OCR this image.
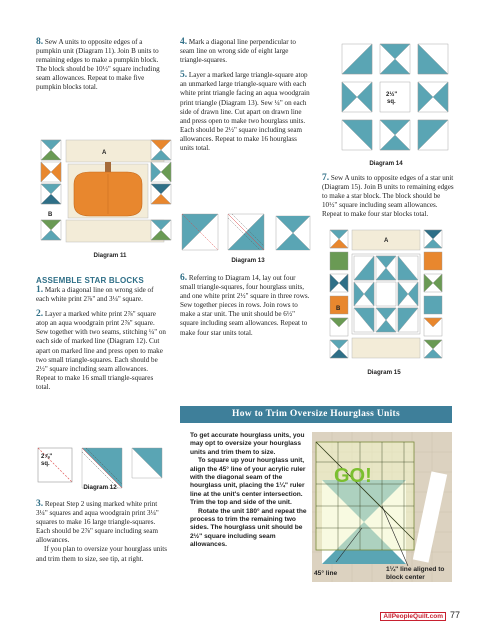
8. Sew A units to opposite edges of a pumpkin unit (Diagram 11). Join B units to remaining edges to make a pumpkin block. The block should be 10½" square including seam allowances. Repeat to make five pumpkin blocks total.

A
B
Diagram 11
ASSEMBLE STAR BLOCKS

1. Mark a diagonal line on wrong side of each white print 2⅞" and 3¼" square.

2. Layer a marked white print 2⅞" square atop an aqua woodgrain print 2⅞" square. Sew together with two seams, stitching ¼" on each side of marked line (Diagram 12). Cut apart on marked line and press open to make two small triangle-squares. Each should be 2½" square including seam allowances. Repeat to make 16 small triangle-squares total.

2⅞"
sq.
Diagram 12

3. Repeat Step 2 using marked white print 3¼" squares and aqua woodgrain print 3¼" squares to make 16 large triangle-squares. Each should be 2⅞" square including seam allowances.

If you plan to oversize your hourglass units and trim them to size, see tip, at right.

4. Mark a diagonal line perpendicular to seam line on wrong side of eight large triangle-squares.

5. Layer a marked large triangle-square atop an unmarked large triangle-square with each white print triangle facing an aqua woodgrain print triangle (Diagram 13). Sew ¼" on each side of drawn line. Cut apart on drawn line and press open to make two hourglass units. Each should be 2½" square including seam allowances. Repeat to make 16 hourglass units total.

Diagram 13

6. Referring to Diagram 14, lay out four small triangle-squares, four hourglass units, and one white print 2½" square in three rows. Sew together pieces in rows. Join rows to make a star unit. The unit should be 6½" square including seam allowances. Repeat to make four star units total.

2½"
sq.
Diagram 14

7. Sew A units to opposite edges of a star unit (Diagram 15). Join B units to remaining edges to make a star block. The block should be 10½" square including seam allowances. Repeat to make four star blocks total.

A
B
Diagram 15
How to Trim Oversize Hourglass Units

To get accurate hourglass units, you may opt to oversize your hourglass units and trim them to size.

To square up your hourglass unit, align the 45° line of your acrylic ruler with the diagonal seam of the hourglass unit, placing the 1¼" ruler line at the unit's center intersection. Trim the top and side of the unit.

Rotate the unit 180° and repeat the process to trim the remaining two sides. The hourglass unit should be 2½" square including seam allowances.

GO!
45° line
1¼" line aligned to block center
AllPeopleQuilt.com 77
